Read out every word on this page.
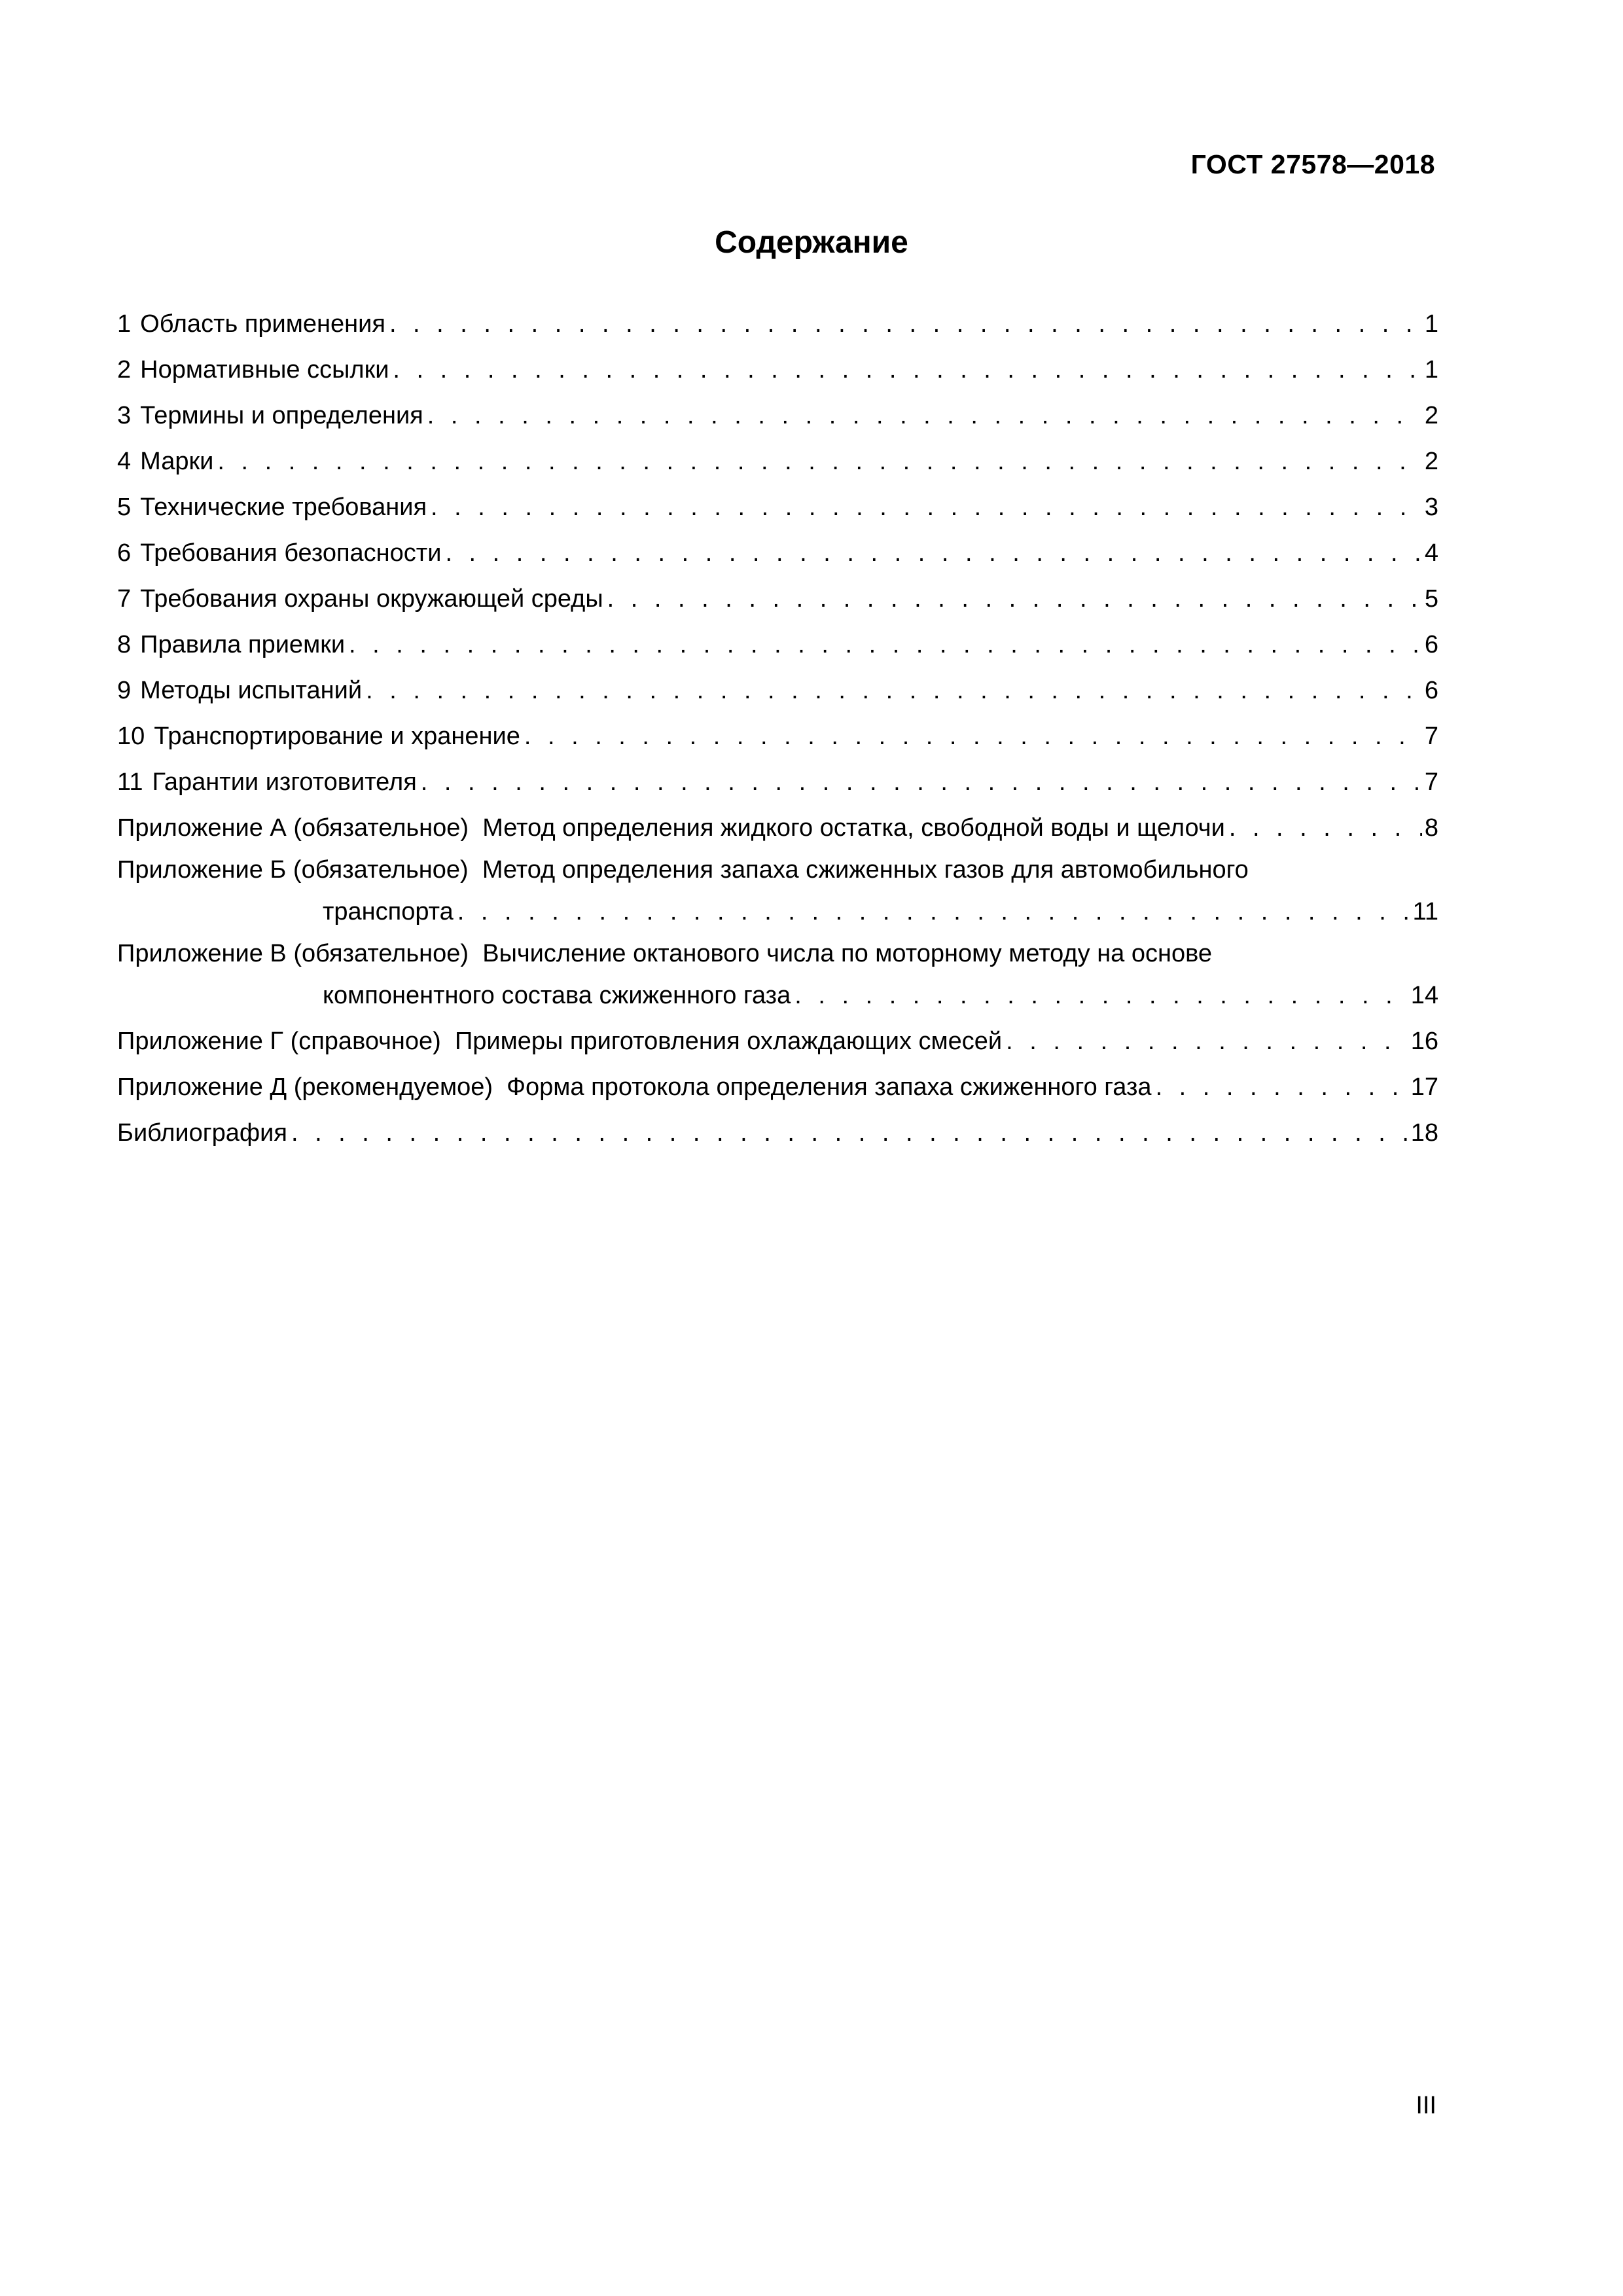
ГОСТ 27578—2018
Содержание
1 Область применения . . .	1
2 Нормативные ссылки . . .	1
3 Термины и определения . . .	2
4 Марки . . .	2
5 Технические требования . . .	3
6 Требования безопасности . . .	4
7 Требования охраны окружающей среды . . .	5
8 Правила приемки . . .	6
9 Методы испытаний . . .	6
10 Транспортирование и хранение . . .	7
11 Гарантии изготовителя . . .	7
Приложение А (обязательное) Метод определения жидкого остатка, свободной воды и щелочи . . .	8
Приложение Б (обязательное) Метод определения запаха сжиженных газов для автомобильного
транспорта . . .	11
Приложение В (обязательное) Вычисление октанового числа по моторному методу на основе
компонентного состава сжиженного газа . . .	14
Приложение Г (справочное) Примеры приготовления охлаждающих смесей . . .	16
Приложение Д (рекомендуемое) Форма протокола определения запаха сжиженного газа . . .	17
Библиография . . .	18
III
